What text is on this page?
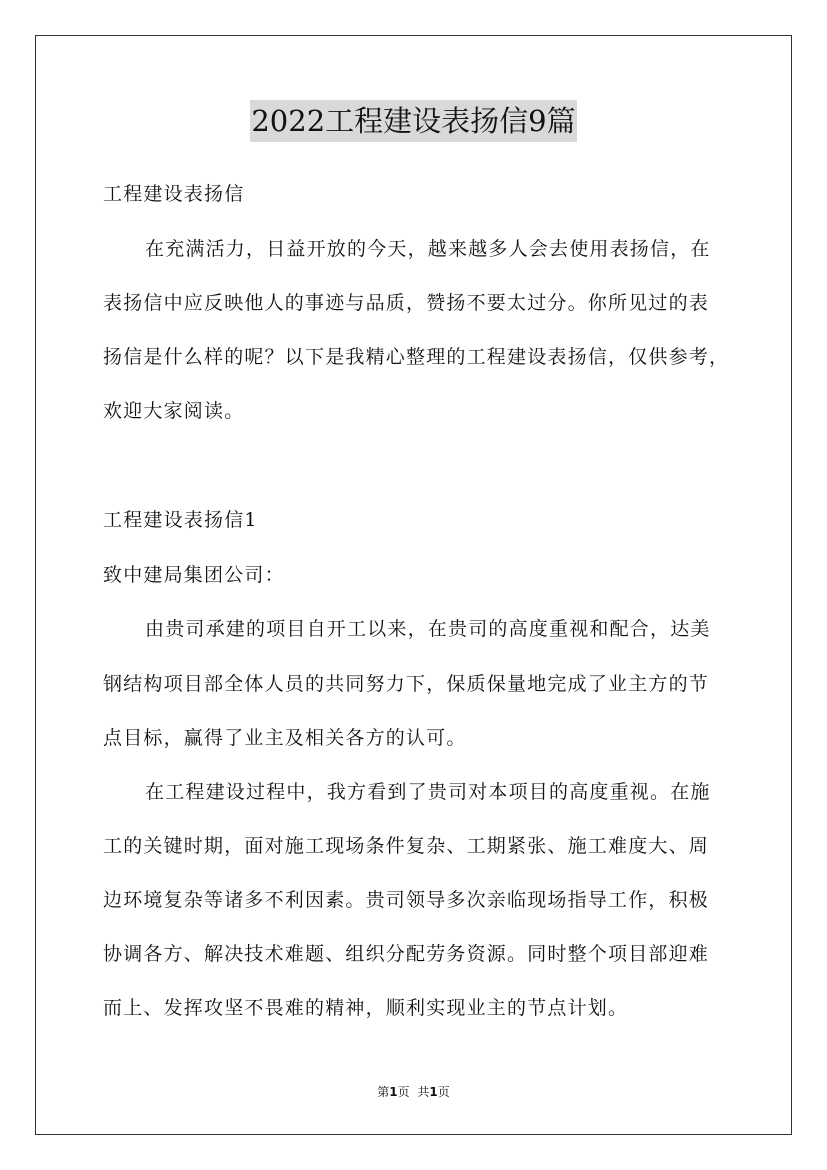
2022工程建设表扬信9篇
工程建设表扬信
在充满活力，日益开放的今天，越来越多人会去使用表扬信，在
表扬信中应反映他人的事迹与品质，赞扬不要太过分。你所见过的表
扬信是什么样的呢？以下是我精心整理的工程建设表扬信，仅供参考，
欢迎大家阅读。
工程建设表扬信1
致中建局集团公司：
由贵司承建的项目自开工以来，在贵司的高度重视和配合，达美
钢结构项目部全体人员的共同努力下，保质保量地完成了业主方的节
点目标，赢得了业主及相关各方的认可。
在工程建设过程中，我方看到了贵司对本项目的高度重视。在施
工的关键时期，面对施工现场条件复杂、工期紧张、施工难度大、周
边环境复杂等诸多不利因素。贵司领导多次亲临现场指导工作，积极
协调各方、解决技术难题、组织分配劳务资源。同时整个项目部迎难
而上、发挥攻坚不畏难的精神，顺利实现业主的节点计划。
第1页 共1页
